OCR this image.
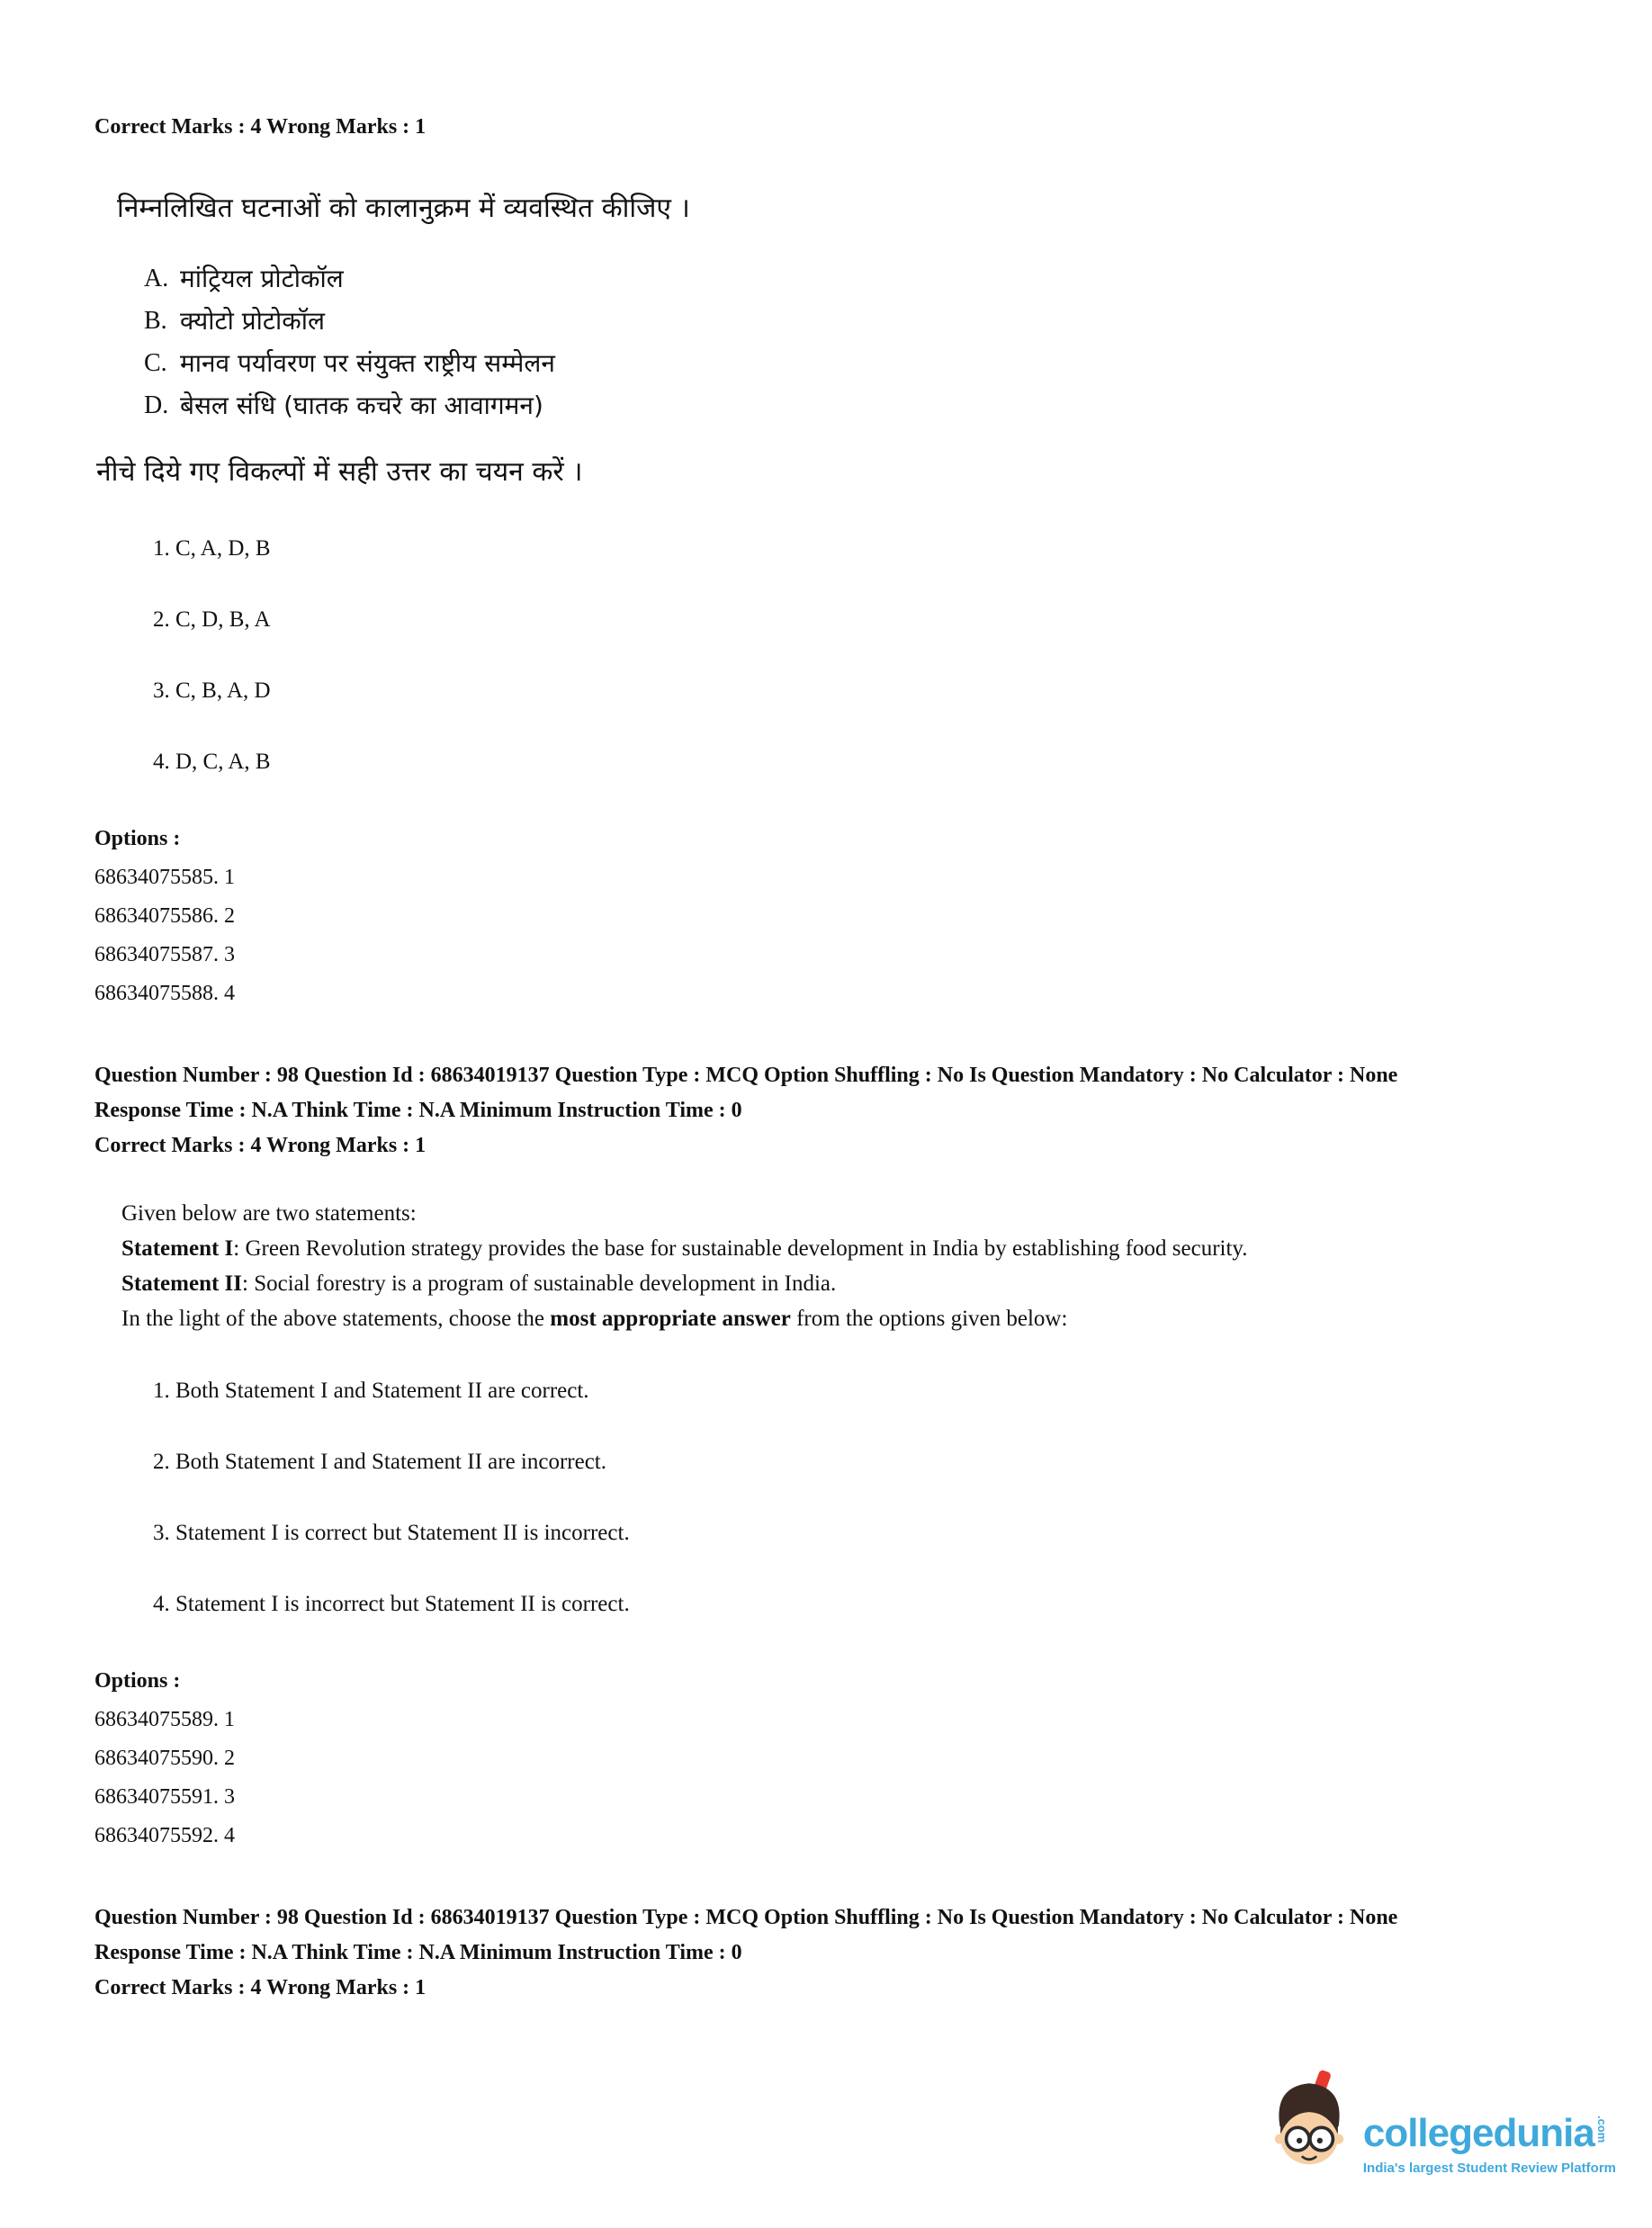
Correct Marks : 4 Wrong Marks : 1

निम्नलिखित घटनाओं को कालानुक्रम में व्यवस्थित कीजिए ।

A. मांट्रियल प्रोटोकॉल
B. क्योटो प्रोटोकॉल
C. मानव पर्यावरण पर संयुक्त राष्ट्रीय सम्मेलन
D. बेसल संधि (घातक कचरे का आवागमन)

नीचे दिये गए विकल्पों में सही उत्तर का चयन करें ।

1. C, A, D, B

2. C, D, B, A

3. C, B, A, D

4. D, C, A, B

Options :

68634075585. 1

68634075586. 2

68634075587. 3

68634075588. 4

Question Number : 98 Question Id : 68634019137 Question Type : MCQ Option Shuffling : No Is Question Mandatory : No Calculator : None Response Time : N.A Think Time : N.A Minimum Instruction Time : 0

Correct Marks : 4 Wrong Marks : 1

Given below are two statements:

Statement I: Green Revolution strategy provides the base for sustainable development in India by establishing food security.

Statement II: Social forestry is a program of sustainable development in India.

In the light of the above statements, choose the most appropriate answer from the options given below:

1. Both Statement I and Statement II are correct.

2. Both Statement I and Statement II are incorrect.

3. Statement I is correct but Statement II is incorrect.

4. Statement I is incorrect but Statement II is correct.

Options :

68634075589. 1

68634075590. 2

68634075591. 3

68634075592. 4

Question Number : 98 Question Id : 68634019137 Question Type : MCQ Option Shuffling : No Is Question Mandatory : No Calculator : None Response Time : N.A Think Time : N.A Minimum Instruction Time : 0

Correct Marks : 4 Wrong Marks : 1

collegedunia .com
India's largest Student Review Platform
